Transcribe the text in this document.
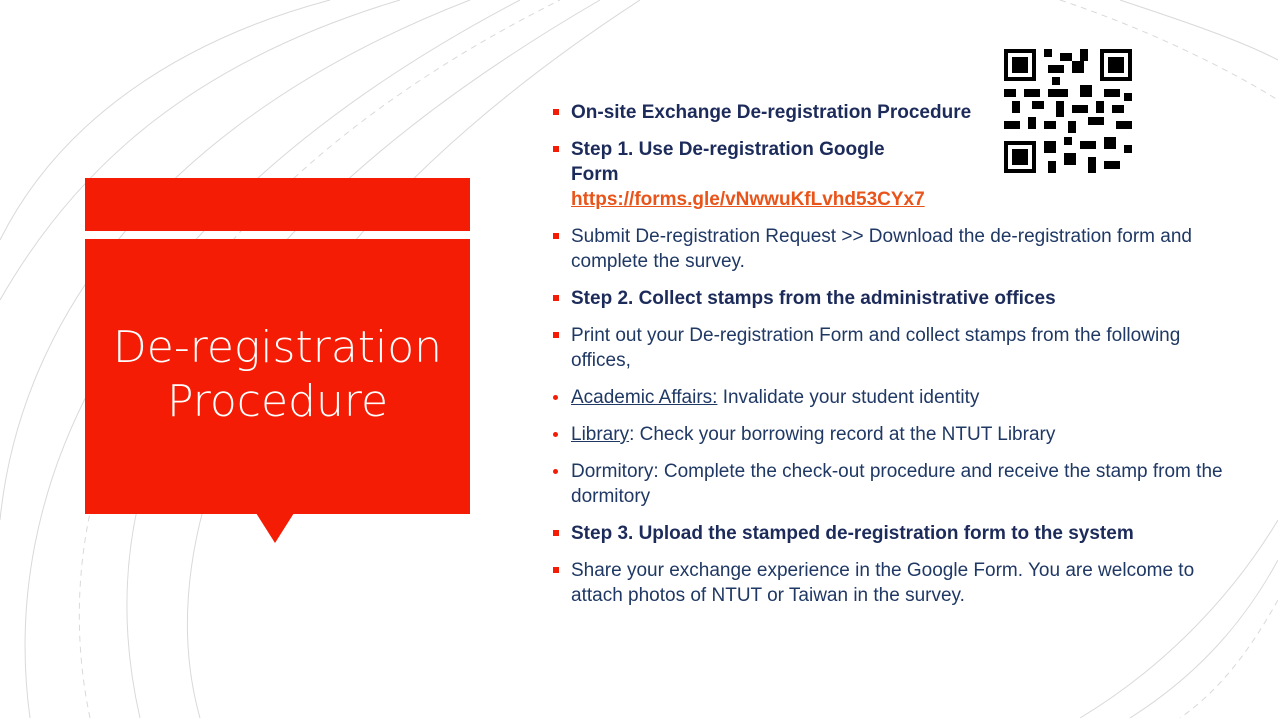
De-registration
Procedure
On-site Exchange De-registration Procedure
Step 1. Use De-registration Google Form https://forms.gle/vNwwuKfLvhd53CYx7
Submit De-registration Request >> Download the de-registration form and complete the survey.
Step 2. Collect stamps from the administrative offices
Print out your De-registration Form and collect stamps from the following offices,
Academic Affairs: Invalidate your student identity
Library: Check your borrowing record at the NTUT Library
Dormitory: Complete the check-out procedure and receive the stamp from the dormitory
Step 3. Upload the stamped de-registration form to the system
Share your exchange experience in the Google Form. You are welcome to attach photos of NTUT or Taiwan in the survey.
